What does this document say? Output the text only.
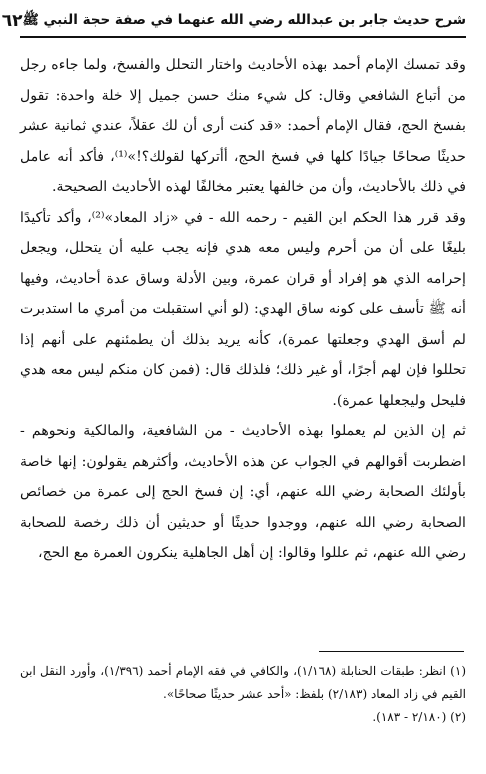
شرح حديث جابر بن عبدالله رضي الله عنهما في صفة حجة النبي ﷺ
٦٢

وقد تمسك الإمام أحمد بهذه الأحاديث واختار التحلل والفسخ، ولما جاءه رجل من أتباع الشافعي وقال: كل شيء منك حسن جميل إلا خلة واحدة: تقول بفسخ الحج، فقال الإمام أحمد: «قد كنت أرى أن لك عقلاً، عندي ثمانية عشر حديثًا صحاحًا جيادًا كلها في فسخ الحج، أأتركها لقولك؟!»⁽¹⁾، فأكد أنه عامل في ذلك بالأحاديث، وأن من خالفها يعتبر مخالفًا لهذه الأحاديث الصحيحة.

وقد قرر هذا الحكم ابن القيم - رحمه الله - في «زاد المعاد»⁽²⁾، وأكد تأكيدًا بليغًا على أن من أحرم وليس معه هدي فإنه يجب عليه أن يتحلل، ويجعل إحرامه الذي هو إفراد أو قران عمرة، وبين الأدلة وساق عدة أحاديث، وفيها أنه ﷺ تأسف على كونه ساق الهدي: (لو أني استقبلت من أمري ما استدبرت لم أسق الهدي وجعلتها عمرة)، كأنه يريد بذلك أن يطمئنهم على أنهم إذا تحللوا فإن لهم أجرًا، أو غير ذلك؛ فلذلك قال: (فمن كان منكم ليس معه هدي فليحل وليجعلها عمرة).

ثم إن الذين لم يعملوا بهذه الأحاديث - من الشافعية، والمالكية ونحوهم - اضطربت أقوالهم في الجواب عن هذه الأحاديث، وأكثرهم يقولون: إنها خاصة بأولئك الصحابة رضي الله عنهم، أي: إن فسخ الحج إلى عمرة من خصائص الصحابة رضي الله عنهم، ووجدوا حديثًا أو حديثين أن ذلك رخصة للصحابة رضي الله عنهم، ثم عللوا وقالوا: إن أهل الجاهلية ينكرون العمرة مع الحج،

(١) انظر: طبقات الحنابلة (١/١٦٨)، والكافي في فقه الإمام أحمد (١/٣٩٦)، وأورد النقل ابن القيم في زاد المعاد (٢/١٨٣) بلفظ: «أحد عشر حديثًا صحاحًا».

(٢) (٢/١٨٠ - ١٨٣).
